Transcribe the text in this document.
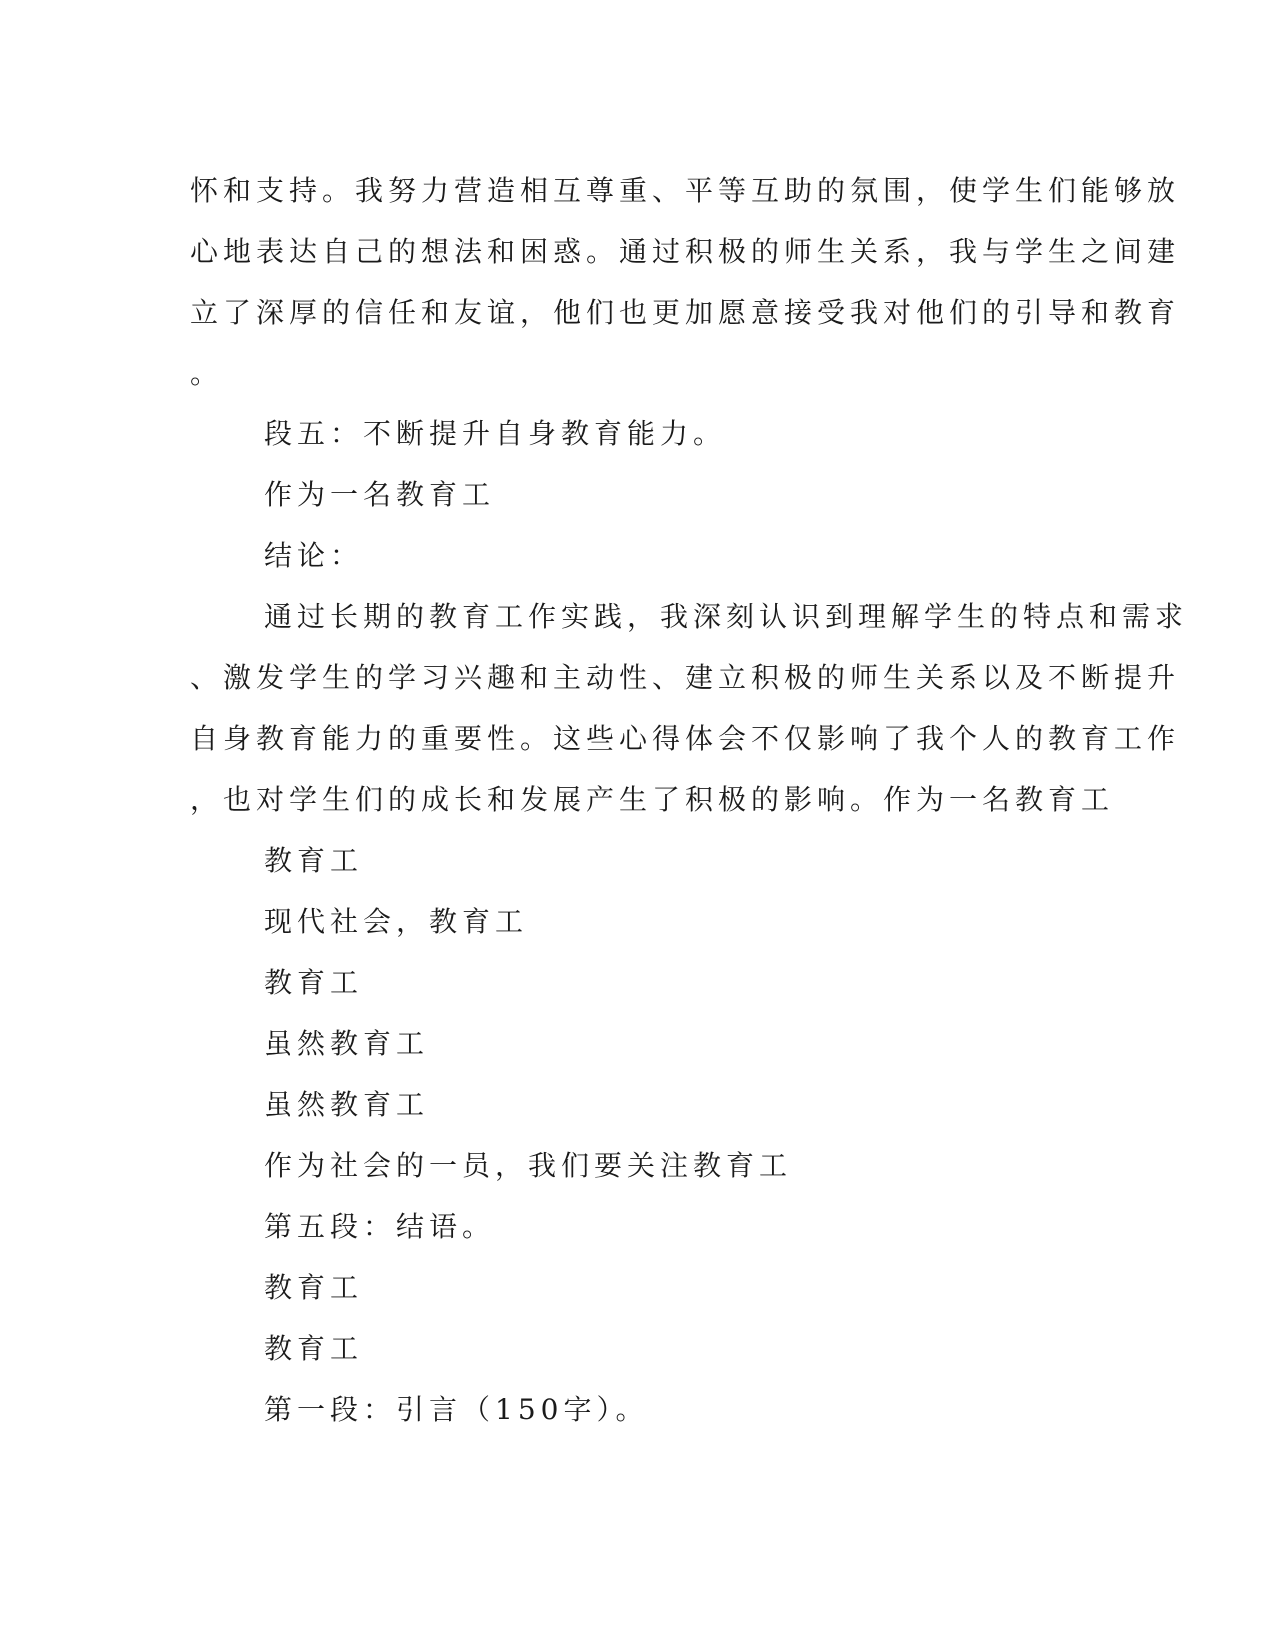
怀和支持。我努力营造相互尊重、平等互助的氛围，使学生们能够放
心地表达自己的想法和困惑。通过积极的师生关系，我与学生之间建
立了深厚的信任和友谊，他们也更加愿意接受我对他们的引导和教育
。
段五：不断提升自身教育能力。
作为一名教育工
结论：
通过长期的教育工作实践，我深刻认识到理解学生的特点和需求
、激发学生的学习兴趣和主动性、建立积极的师生关系以及不断提升
自身教育能力的重要性。这些心得体会不仅影响了我个人的教育工作
，也对学生们的成长和发展产生了积极的影响。作为一名教育工
教育工
现代社会，教育工
教育工
虽然教育工
虽然教育工
作为社会的一员，我们要关注教育工
第五段：结语。
教育工
教育工
第一段：引言（150字）。
